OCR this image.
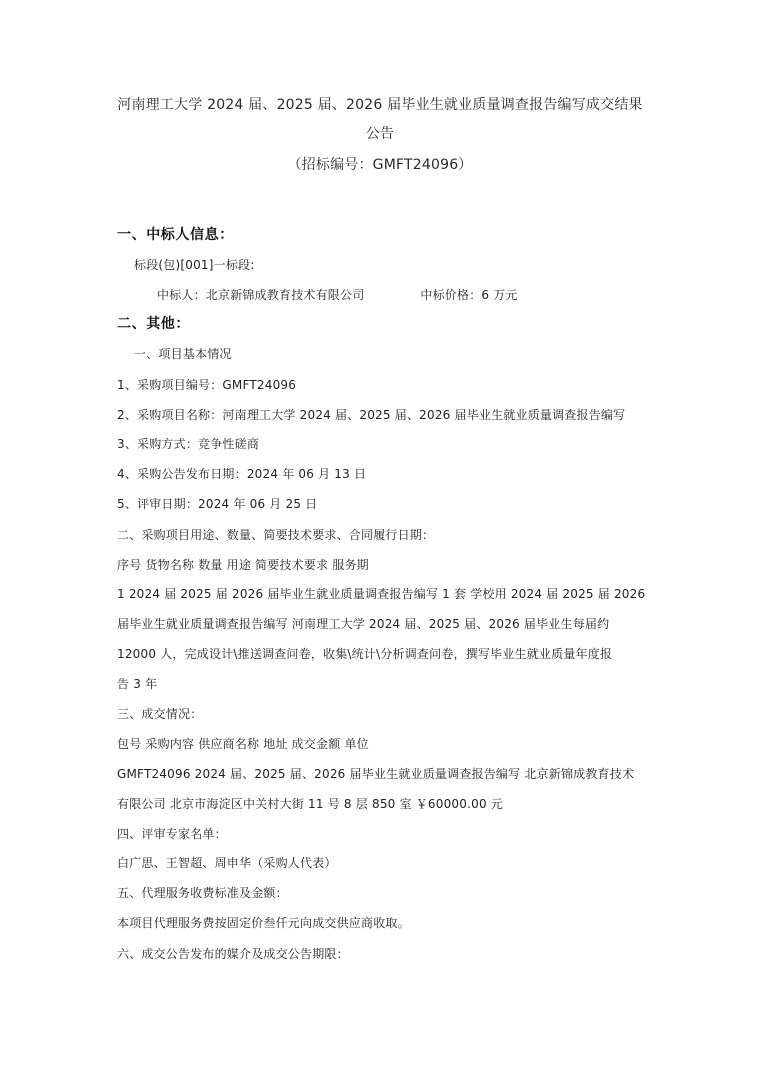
河南理工大学 2024 届、2025 届、2026 届毕业生就业质量调查报告编写成交结果
公告
（招标编号：GMFT24096）
一、中标人信息：
标段(包)[001]一标段:
中标人：北京新锦成教育技术有限公司	中标价格：6 万元
二、其他：
一、项目基本情况
1、采购项目编号：GMFT24096
2、采购项目名称：河南理工大学 2024 届、2025 届、2026 届毕业生就业质量调查报告编写
3、采购方式：竞争性磋商
4、采购公告发布日期：2024 年 06 月 13 日
5、评审日期：2024 年 06 月 25 日
二、采购项目用途、数量、简要技术要求、合同履行日期：
序号 货物名称 数量 用途 简要技术要求 服务期
1 2024 届 2025 届 2026 届毕业生就业质量调查报告编写 1 套 学校用 2024 届 2025 届 2026
届毕业生就业质量调查报告编写 河南理工大学 2024 届、2025 届、2026 届毕业生每届约
12000 人，完成设计\推送调查问卷，收集\统计\分析调查问卷，撰写毕业生就业质量年度报
告 3 年
三、成交情况：
包号 采购内容 供应商名称 地址 成交金额 单位
GMFT24096 2024 届、2025 届、2026 届毕业生就业质量调查报告编写 北京新锦成教育技术
有限公司 北京市海淀区中关村大街 11 号 8 层 850 室 ￥60000.00 元
四、评审专家名单：
白广思、王智超、周申华（采购人代表）
五、代理服务收费标准及金额：
本项目代理服务费按固定价叁仟元向成交供应商收取。
六、成交公告发布的媒介及成交公告期限：
